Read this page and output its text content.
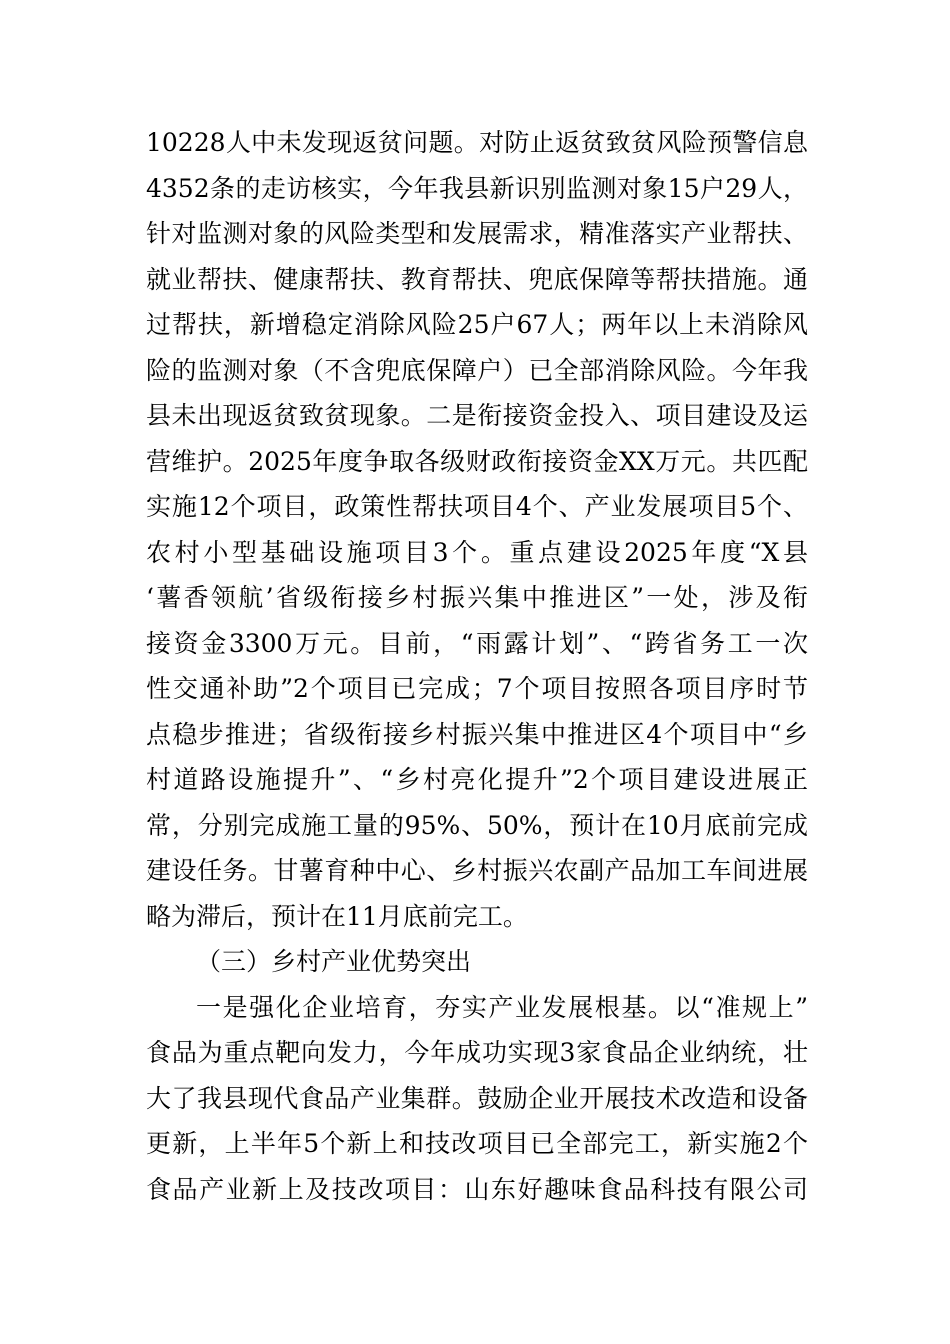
10228人中未发现返贫问题。对防止返贫致贫风险预警信息
4352条的走访核实，今年我县新识别监测对象15户29人，
针对监测对象的风险类型和发展需求，精准落实产业帮扶、
就业帮扶、健康帮扶、教育帮扶、兜底保障等帮扶措施。通
过帮扶，新增稳定消除风险25户67人；两年以上未消除风
险的监测对象（不含兜底保障户）已全部消除风险。今年我
县未出现返贫致贫现象。二是衔接资金投入、项目建设及运
营维护。2025年度争取各级财政衔接资金XX万元。共匹配
实施12个项目，政策性帮扶项目4个、产业发展项目5个、
农村小型基础设施项目3个。重点建设2025年度“X县
‘薯香领航’省级衔接乡村振兴集中推进区”一处，涉及衔
接资金3300万元。目前，“雨露计划”、“跨省务工一次
性交通补助”2个项目已完成；7个项目按照各项目序时节
点稳步推进；省级衔接乡村振兴集中推进区4个项目中“乡
村道路设施提升”、“乡村亮化提升”2个项目建设进展正
常，分别完成施工量的95%、50%，预计在10月底前完成
建设任务。甘薯育种中心、乡村振兴农副产品加工车间进展
略为滞后，预计在11月底前完工。
（三）乡村产业优势突出
一是强化企业培育，夯实产业发展根基。以“准规上”
食品为重点靶向发力，今年成功实现3家食品企业纳统，壮
大了我县现代食品产业集群。鼓励企业开展技术改造和设备
更新，上半年5个新上和技改项目已全部完工，新实施2个
食品产业新上及技改项目：山东好趣味食品科技有限公司
